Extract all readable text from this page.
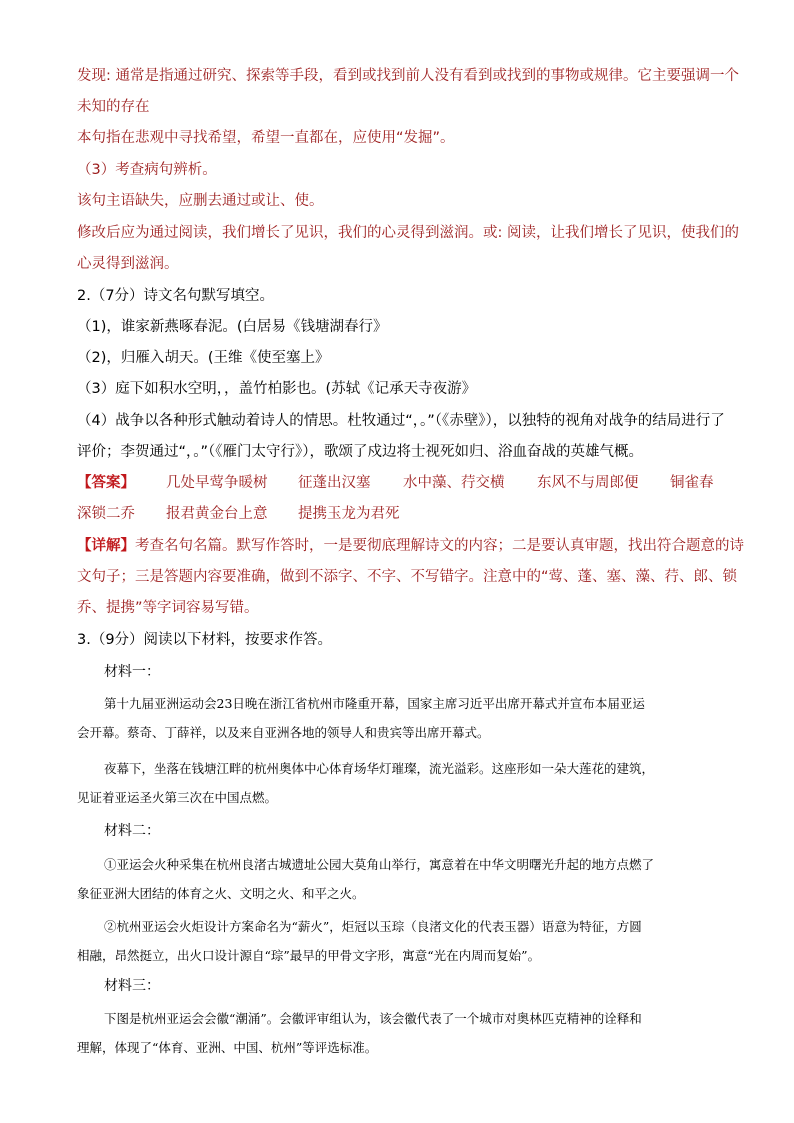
发现: 通常是指通过研究、探索等手段，看到或找到前人没有看到或找到的事物或规律。它主要强调一个
未知的存在
本句指在悲观中寻找希望，希望一直都在，应使用“发掘”。
（3）考查病句辨析。
该句主语缺失，应删去通过或让、使。
修改后应为通过阅读，我们增长了见识，我们的心灵得到滋润。或: 阅读，让我们增长了见识，使我们的
心灵得到滋润。
2.（7分）诗文名句默写填空。
（1)，谁家新燕啄春泥。(白居易《钱塘湖春行》
（2)，归雁入胡天。(王维《使至塞上》
（3）庭下如积水空明，，盖竹柏影也。(苏轼《记承天寺夜游》
（4）战争以各种形式触动着诗人的情思。杜牧通过“，。”（《赤壁》），以独特的视角对战争的结局进行了
评价；李贺通过“，。”（《雁门太守行》），歌颂了戍边将士视死如归、浴血奋战的英雄气概。
【答案】 几处早莺争暖树 征蓬出汉塞 水中藻、荇交横 东风不与周郎便 铜雀春
深锁二乔 报君黄金台上意 提携玉龙为君死
【详解】考查名句名篇。默写作答时，一是要彻底理解诗文的内容；二是要认真审题，找出符合题意的诗
文句子；三是答题内容要准确，做到不添字、不字、不写错字。注意中的“莺、蓬、塞、藻、荇、郎、锁
乔、提携”等字词容易写错。
3.（9分）阅读以下材料，按要求作答。
材料一：
第十九届亚洲运动会23日晚在浙江省杭州市隆重开幕，国家主席习近平出席开幕式并宣布本届亚运
会开幕。蔡奇、丁薛祥，以及来自亚洲各地的领导人和贵宾等出席开幕式。
夜幕下，坐落在钱塘江畔的杭州奥体中心体育场华灯璀璨，流光溢彩。这座形如一朵大莲花的建筑，
见证着亚运圣火第三次在中国点燃。
材料二：
①亚运会火种采集在杭州良渚古城遗址公园大莫角山举行，寓意着在中华文明曙光升起的地方点燃了
象征亚洲大团结的体育之火、文明之火、和平之火。
②杭州亚运会火炬设计方案命名为“薪火”，炬冠以玉琮（良渚文化的代表玉器）语意为特征，方圆
相融，昂然挺立，出火口设计源自“琮”最早的甲骨文字形，寓意“光在内周而复始”。
材料三：
下图是杭州亚运会会徽“潮涌”。会徽评审组认为，该会徽代表了一个城市对奥林匹克精神的诠释和
理解，体现了“体育、亚洲、中国、杭州”等评选标准。
